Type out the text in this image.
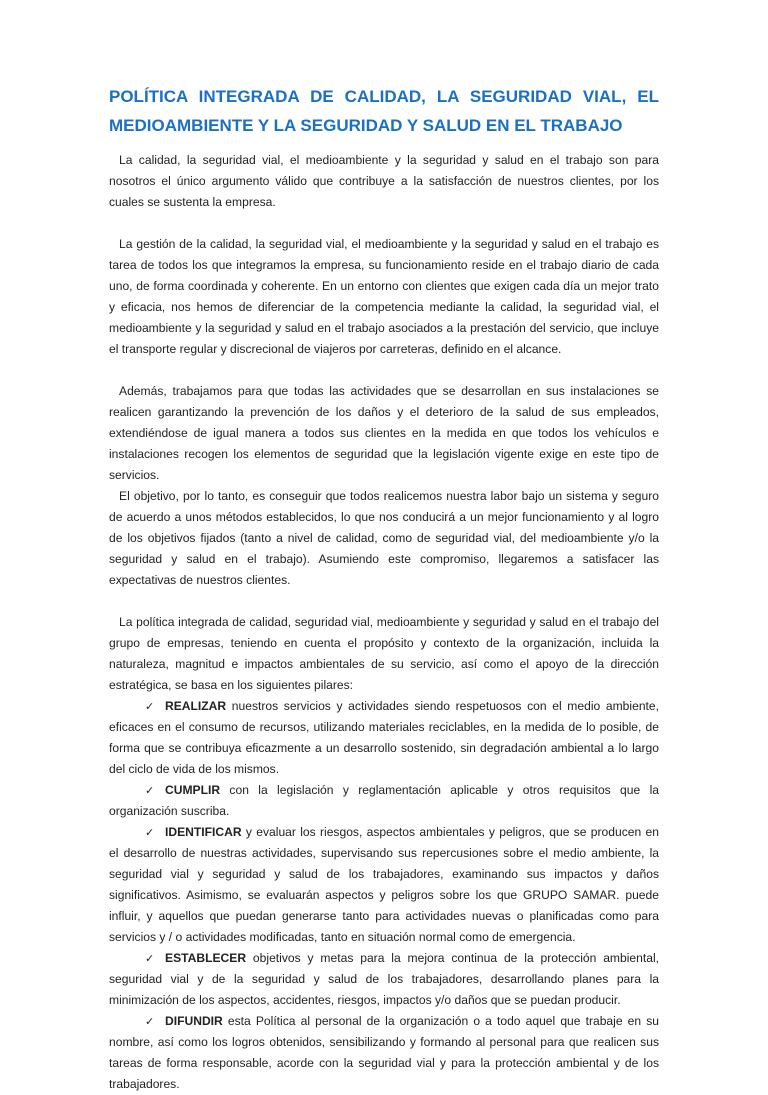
POLÍTICA INTEGRADA DE CALIDAD, LA SEGURIDAD VIAL, EL MEDIOAMBIENTE Y LA SEGURIDAD Y SALUD EN EL TRABAJO

La calidad, la seguridad vial, el medioambiente y la seguridad y salud en el trabajo son para nosotros el único argumento válido que contribuye a la satisfacción de nuestros clientes, por los cuales se sustenta la empresa.

La gestión de la calidad, la seguridad vial, el medioambiente y la seguridad y salud en el trabajo es tarea de todos los que integramos la empresa, su funcionamiento reside en el trabajo diario de cada uno, de forma coordinada y coherente. En un entorno con clientes que exigen cada día un mejor trato y eficacia, nos hemos de diferenciar de la competencia mediante la calidad, la seguridad vial, el medioambiente y la seguridad y salud en el trabajo asociados a la prestación del servicio, que incluye el transporte regular y discrecional de viajeros por carreteras, definido en el alcance.

Además, trabajamos para que todas las actividades que se desarrollan en sus instalaciones se realicen garantizando la prevención de los daños y el deterioro de la salud de sus empleados, extendiéndose de igual manera a todos sus clientes en la medida en que todos los vehículos e instalaciones recogen los elementos de seguridad que la legislación vigente exige en este tipo de servicios.

El objetivo, por lo tanto, es conseguir que todos realicemos nuestra labor bajo un sistema y seguro de acuerdo a unos métodos establecidos, lo que nos conducirá a un mejor funcionamiento y al logro de los objetivos fijados (tanto a nivel de calidad, como de seguridad vial, del medioambiente y/o la seguridad y salud en el trabajo). Asumiendo este compromiso, llegaremos a satisfacer las expectativas de nuestros clientes.

La política integrada de calidad, seguridad vial, medioambiente y seguridad y salud en el trabajo del grupo de empresas, teniendo en cuenta el propósito y contexto de la organización, incluida la naturaleza, magnitud e impactos ambientales de su servicio, así como el apoyo de la dirección estratégica, se basa en los siguientes pilares:

✓ REALIZAR nuestros servicios y actividades siendo respetuosos con el medio ambiente, eficaces en el consumo de recursos, utilizando materiales reciclables, en la medida de lo posible, de forma que se contribuya eficazmente a un desarrollo sostenido, sin degradación ambiental a lo largo del ciclo de vida de los mismos.

✓ CUMPLIR con la legislación y reglamentación aplicable y otros requisitos que la organización suscriba.

✓ IDENTIFICAR y evaluar los riesgos, aspectos ambientales y peligros, que se producen en el desarrollo de nuestras actividades, supervisando sus repercusiones sobre el medio ambiente, la seguridad vial y seguridad y salud de los trabajadores, examinando sus impactos y daños significativos. Asimismo, se evaluarán aspectos y peligros sobre los que GRUPO SAMAR. puede influir, y aquellos que puedan generarse tanto para actividades nuevas o planificadas como para servicios y / o actividades modificadas, tanto en situación normal como de emergencia.

✓ ESTABLECER objetivos y metas para la mejora continua de la protección ambiental, seguridad vial y de la seguridad y salud de los trabajadores, desarrollando planes para la minimización de los aspectos, accidentes, riesgos, impactos y/o daños que se puedan producir.

✓ DIFUNDIR esta Política al personal de la organización o a todo aquel que trabaje en su nombre, así como los logros obtenidos, sensibilizando y formando al personal para que realicen sus tareas de forma responsable, acorde con la seguridad vial y para la protección ambiental y de los trabajadores.
